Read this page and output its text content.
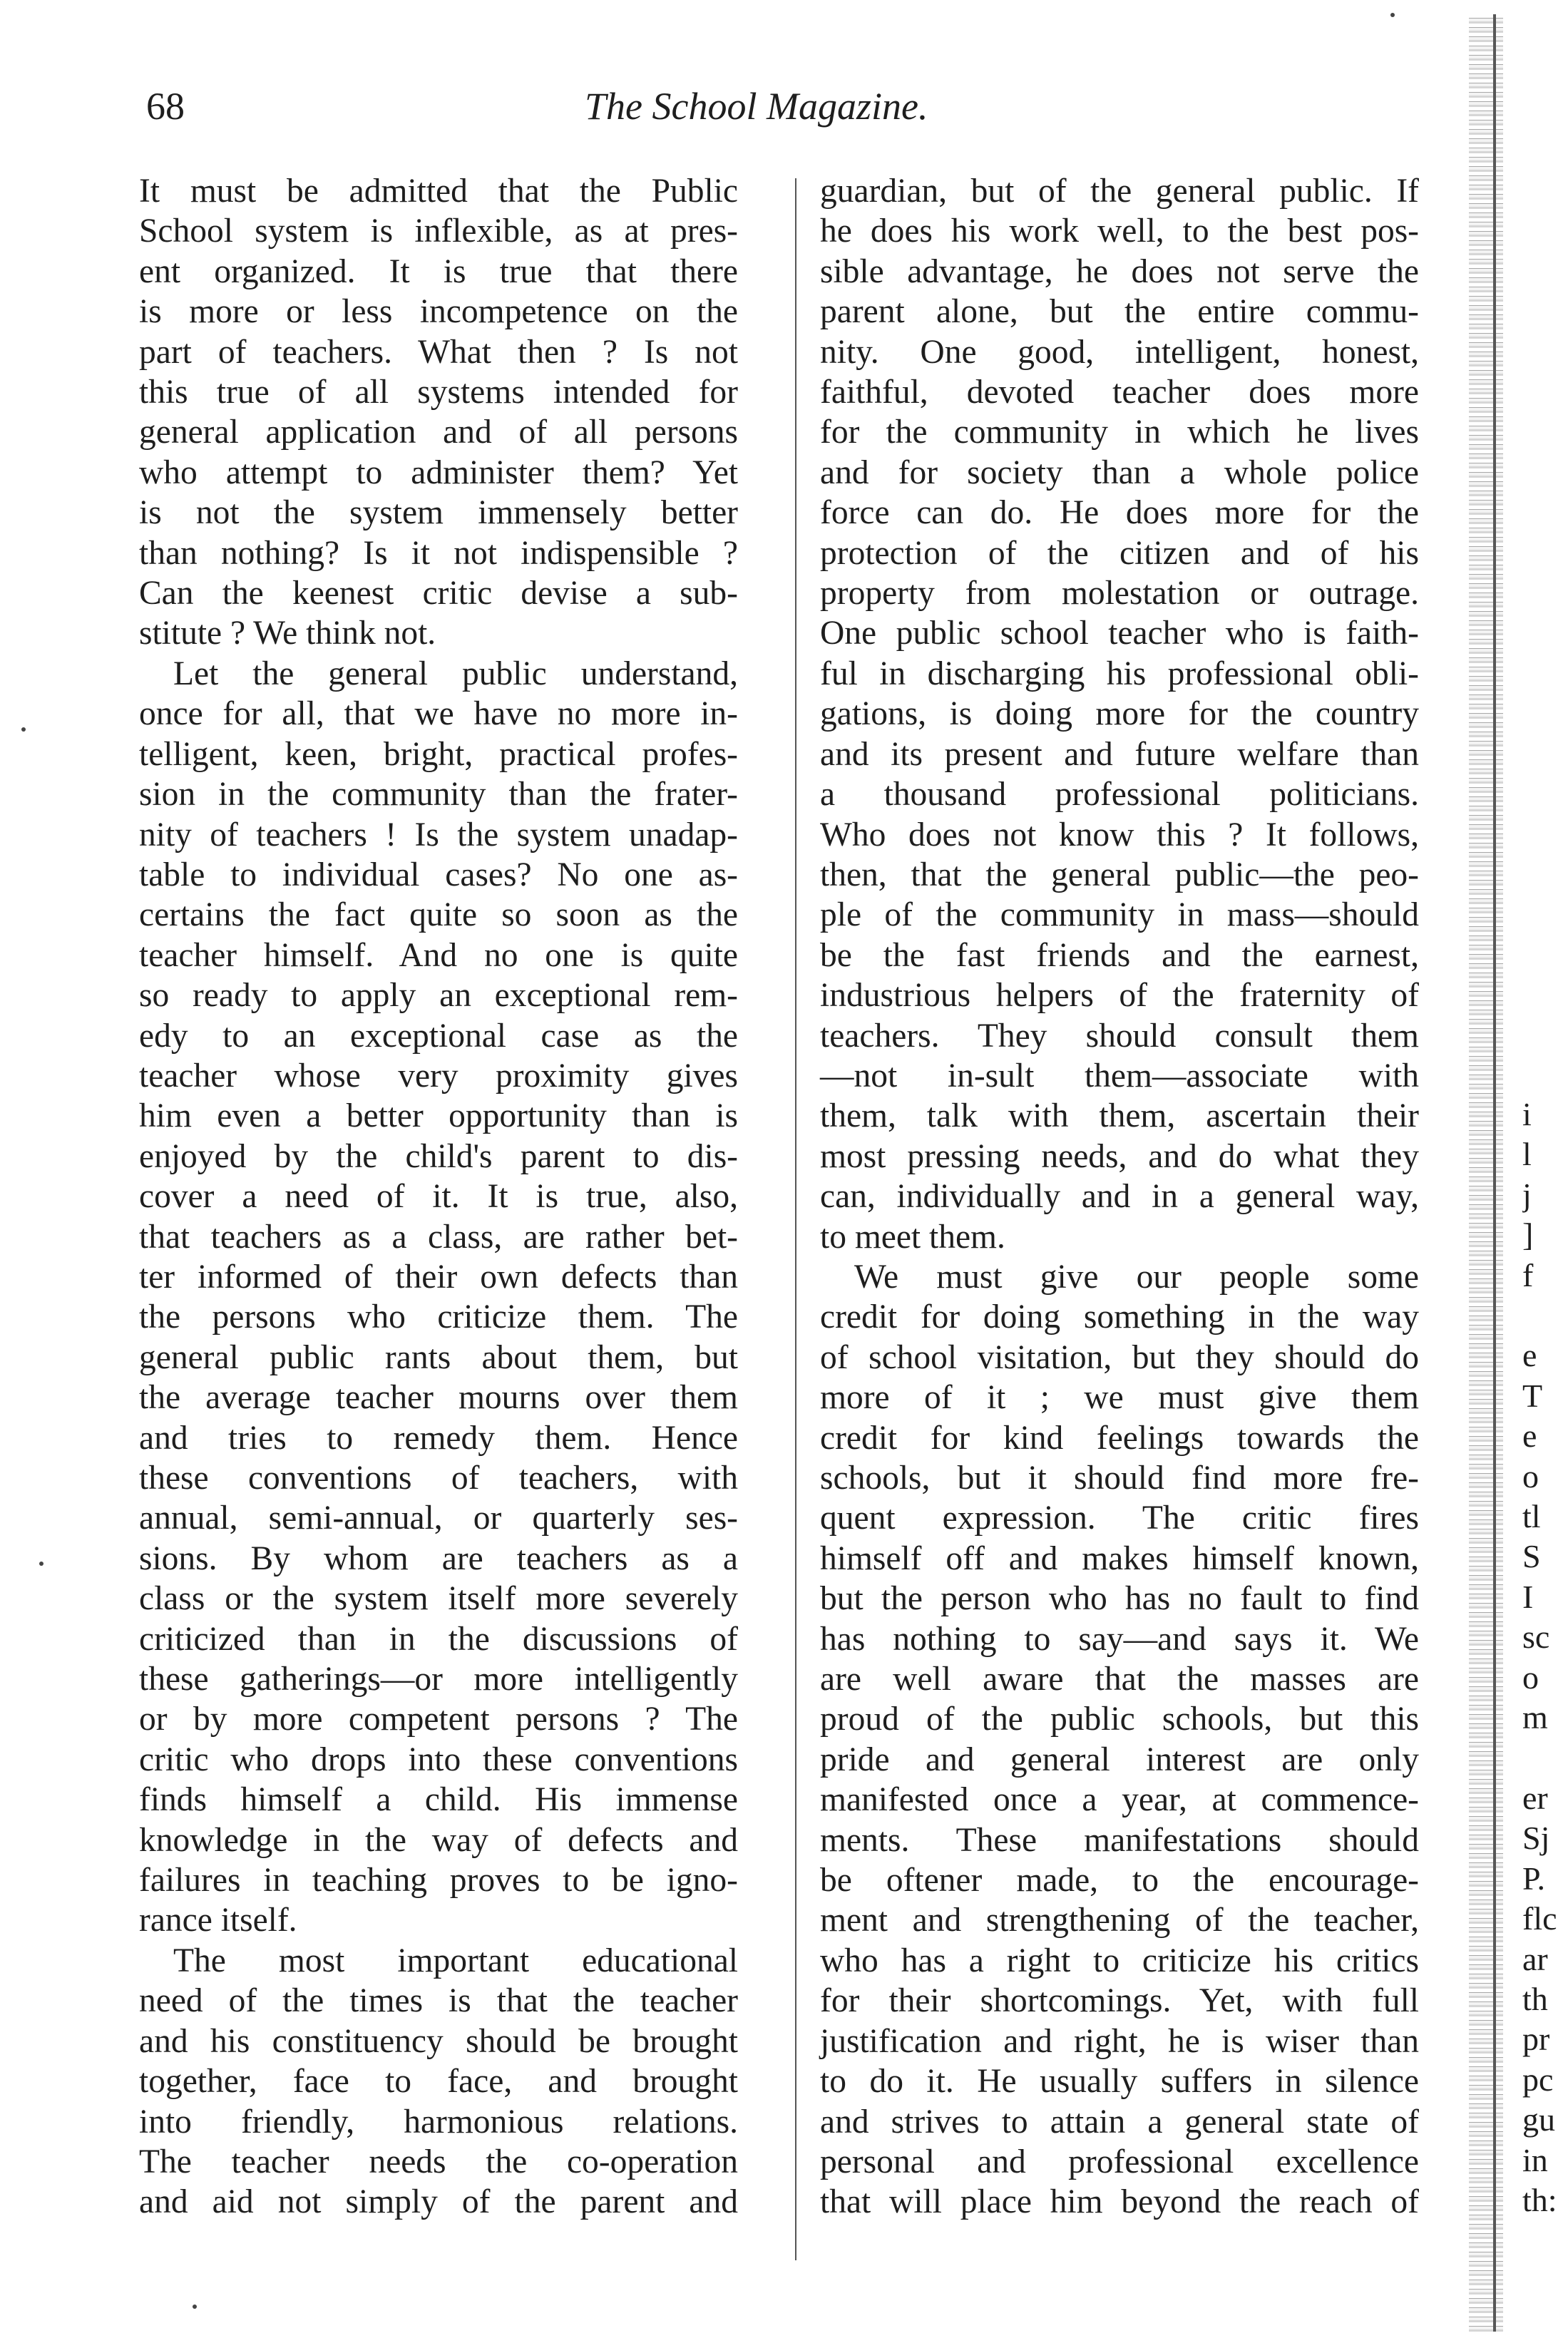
68	The School Magazine.

It must be admitted that the Public

School system is inflexible, as at pres-

ent organized. It is true that there

is more or less incompetence on the

part of teachers. What then ? Is not

this true of all systems intended for

general application and of all persons

who attempt to administer them? Yet

is not the system immensely better

than nothing? Is it not indispensible ?

Can the keenest critic devise a sub-

stitute ? We think not.

Let the general public understand,

once for all, that we have no more in-

telligent, keen, bright, practical profes-

sion in the community than the frater-

nity of teachers ! Is the system unadap-

table to individual cases? No one as-

certains the fact quite so soon as the

teacher himself. And no one is quite

so ready to apply an exceptional rem-

edy to an exceptional case as the

teacher whose very proximity gives

him even a better opportunity than is

enjoyed by the child's parent to dis-

cover a need of it. It is true, also,

that teachers as a class, are rather bet-

ter informed of their own defects than

the persons who criticize them. The

general public rants about them, but

the average teacher mourns over them

and tries to remedy them. Hence

these conventions of teachers, with

annual, semi-annual, or quarterly ses-

sions. By whom are teachers as a

class or the system itself more severely

criticized than in the discussions of

these gatherings—or more intelligently

or by more competent persons ? The

critic who drops into these conventions

finds himself a child. His immense

knowledge in the way of defects and

failures in teaching proves to be igno-

rance itself.

The most important educational

need of the times is that the teacher

and his constituency should be brought

together, face to face, and brought

into friendly, harmonious relations.

The teacher needs the co-operation

and aid not simply of the parent and

guardian, but of the general public. If

he does his work well, to the best pos-

sible advantage, he does not serve the

parent alone, but the entire commu-

nity. One good, intelligent, honest,

faithful, devoted teacher does more

for the community in which he lives

and for society than a whole police

force can do. He does more for the

protection of the citizen and of his

property from molestation or outrage.

One public school teacher who is faith-

ful in discharging his professional obli-

gations, is doing more for the country

and its present and future welfare than

a thousand professional politicians.

Who does not know this ? It follows,

then, that the general public—the peo-

ple of the community in mass—should

be the fast friends and the earnest,

industrious helpers of the fraternity of

teachers. They should consult them

—not in-sult them—associate with

them, talk with them, ascertain their

most pressing needs, and do what they

can, individually and in a general way,

to meet them.

We must give our people some

credit for doing something in the way

of school visitation, but they should do

more of it ; we must give them

credit for kind feelings towards the

schools, but it should find more fre-

quent expression. The critic fires

himself off and makes himself known,

but the person who has no fault to find

has nothing to say—and says it. We

are well aware that the masses are

proud of the public schools, but this

pride and general interest are only

manifested once a year, at commence-

ments. These manifestations should

be oftener made, to the encourage-

ment and strengthening of the teacher,

who has a right to criticize his critics

for their shortcomings. Yet, with full

justification and right, he is wiser than

to do it. He usually suffers in silence

and strives to attain a general state of

personal and professional excellence

that will place him beyond the reach of

i
l
j
]
f

e
T
e
o
tl
S
I
sc
o
m

er
Sj
P.
flc
ar
th
pr
pc
gu
in
th:
